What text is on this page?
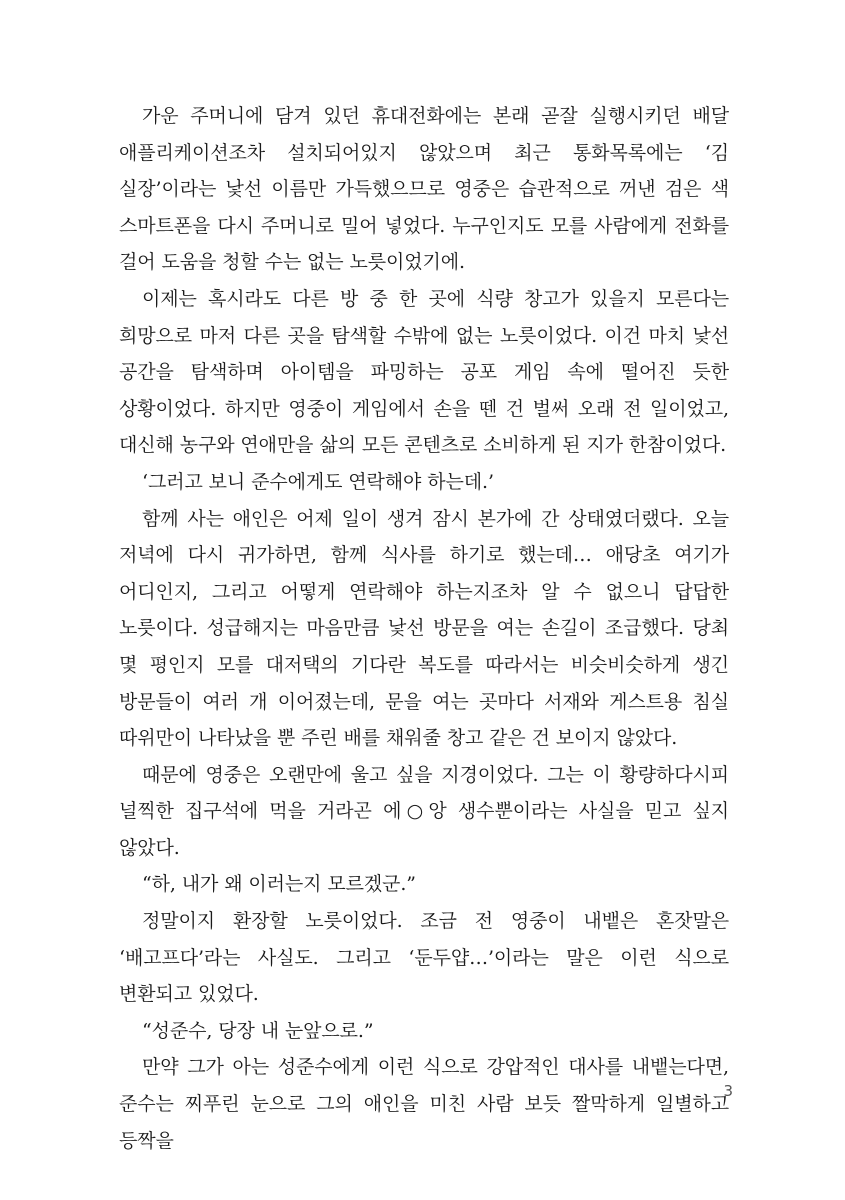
가운 주머니에 담겨 있던 휴대전화에는 본래 곧잘 실행시키던 배달 애플리케이션조차 설치되어있지 않았으며 최근 통화목록에는 ‘김 실장’이라는 낯선 이름만 가득했으므로 영중은 습관적으로 꺼낸 검은 색 스마트폰을 다시 주머니로 밀어 넣었다. 누구인지도 모를 사람에게 전화를 걸어 도움을 청할 수는 없는 노릇이었기에.

이제는 혹시라도 다른 방 중 한 곳에 식량 창고가 있을지 모른다는 희망으로 마저 다른 곳을 탐색할 수밖에 없는 노릇이었다. 이건 마치 낯선 공간을 탐색하며 아이템을 파밍하는 공포 게임 속에 떨어진 듯한 상황이었다. 하지만 영중이 게임에서 손을 뗀 건 벌써 오래 전 일이었고, 대신해 농구와 연애만을 삶의 모든 콘텐츠로 소비하게 된 지가 한참이었다.

‘그러고 보니 준수에게도 연락해야 하는데.’

함께 사는 애인은 어제 일이 생겨 잠시 본가에 간 상태였더랬다. 오늘 저녁에 다시 귀가하면, 함께 식사를 하기로 했는데… 애당초 여기가 어디인지, 그리고 어떻게 연락해야 하는지조차 알 수 없으니 답답한 노릇이다. 성급해지는 마음만큼 낯선 방문을 여는 손길이 조급했다. 당최 몇 평인지 모를 대저택의 기다란 복도를 따라서는 비슷비슷하게 생긴 방문들이 여러 개 이어졌는데, 문을 여는 곳마다 서재와 게스트용 침실 따위만이 나타났을 뿐 주린 배를 채워줄 창고 같은 건 보이지 않았다.

때문에 영중은 오랜만에 울고 싶을 지경이었다. 그는 이 황량하다시피 널찍한 집구석에 먹을 거라곤 에○앙 생수뿐이라는 사실을 믿고 싶지 않았다.

“하, 내가 왜 이러는지 모르겠군.”

정말이지 환장할 노릇이었다. 조금 전 영중이 내뱉은 혼잣말은 ‘배고프다’라는 사실도. 그리고 ‘둔두얍…’이라는 말은 이런 식으로 변환되고 있었다.

“성준수, 당장 내 눈앞으로.”

만약 그가 아는 성준수에게 이런 식으로 강압적인 대사를 내뱉는다면, 준수는 찌푸린 눈으로 그의 애인을 미친 사람 보듯 짤막하게 일별하고 등짝을

3
